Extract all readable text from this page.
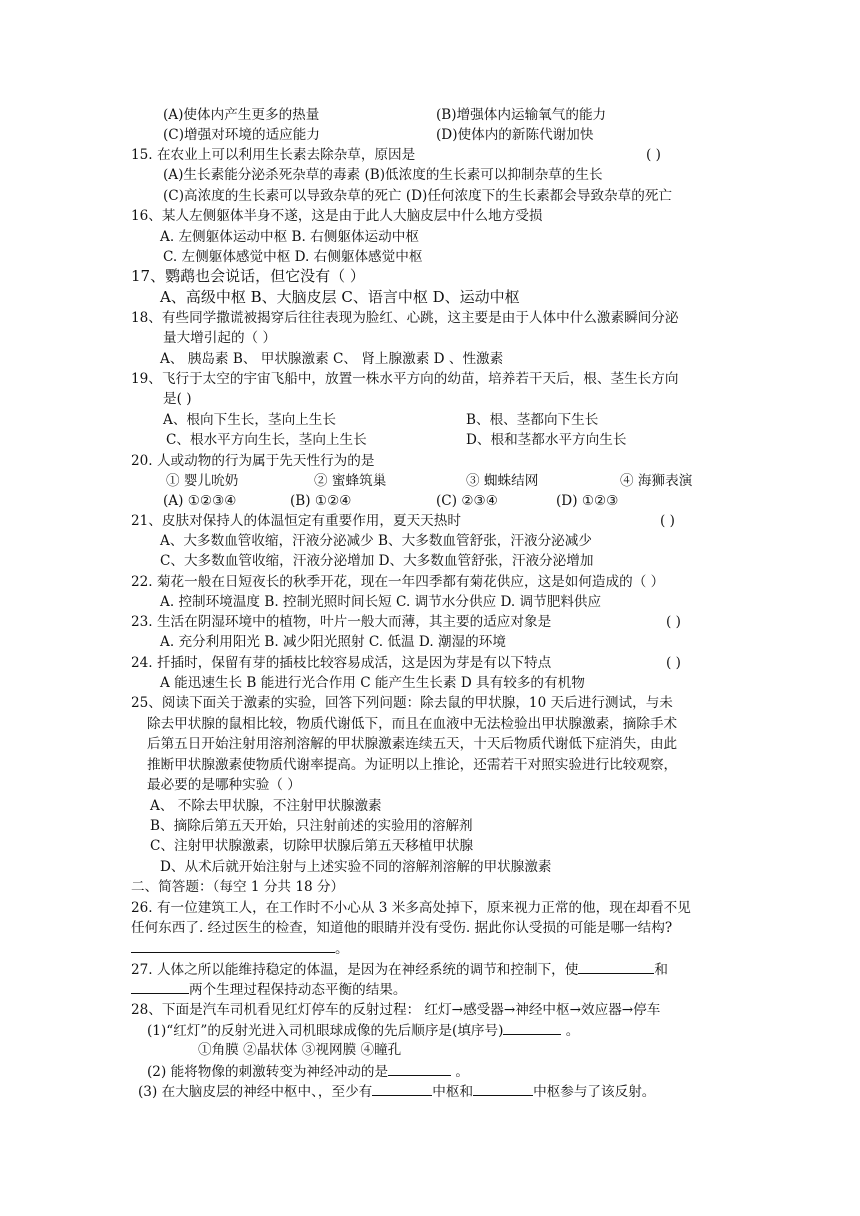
(A)使体内产生更多的热量	(B)增强体内运输氧气的能力
(C)增强对环境的适应能力	(D)使体内的新陈代谢加快
15. 在农业上可以利用生长素去除杂草，原因是	( )
(A)生长素能分泌杀死杂草的毒素 (B)低浓度的生长素可以抑制杂草的生长
(C)高浓度的生长素可以导致杂草的死亡 (D)任何浓度下的生长素都会导致杂草的死亡
16、某人左侧躯体半身不遂，这是由于此人大脑皮层中什么地方受损
A. 左侧躯体运动中枢 B. 右侧躯体运动中枢
C. 左侧躯体感觉中枢 D. 右侧躯体感觉中枢
17、鹦鹉也会说话，但它没有（ ）
A、高级中枢 B、大脑皮层 C、语言中枢 D、运动中枢
18、有些同学撒谎被揭穿后往往表现为脸红、心跳，这主要是由于人体中什么激素瞬间分泌
量大增引起的（ ）
A、 胰岛素 B、 甲状腺激素 C、 肾上腺激素 D 、性激素
19、飞行于太空的宇宙飞船中，放置一株水平方向的幼苗，培养若干天后，根、茎生长方向
是( )
A、根向下生长，茎向上生长	B、根、茎都向下生长
C、根水平方向生长，茎向上生长	D、根和茎都水平方向生长
20. 人或动物的行为属于先天性行为的是
① 婴儿吮奶	② 蜜蜂筑巢	③ 蜘蛛结网	④ 海狮表演
(A) ①②③④	(B) ①②④	(C) ②③④	(D) ①②③
21、皮肤对保持人的体温恒定有重要作用，夏天天热时	( )
A、大多数血管收缩，汗液分泌减少 B、大多数血管舒张，汗液分泌减少
C、大多数血管收缩，汗液分泌增加 D、大多数血管舒张，汗液分泌增加
22. 菊花一般在日短夜长的秋季开花，现在一年四季都有菊花供应，这是如何造成的（ ）
A. 控制环境温度 B. 控制光照时间长短 C. 调节水分供应 D. 调节肥料供应
23. 生活在阴湿环境中的植物，叶片一般大而薄，其主要的适应对象是	( )
A. 充分利用阳光 B. 减少阳光照射 C. 低温 D. 潮湿的环境
24. 扦插时，保留有芽的插枝比较容易成活，这是因为芽是有以下特点	( )
A 能迅速生长 B 能进行光合作用 C 能产生生长素 D 具有较多的有机物
25、阅读下面关于激素的实验，回答下列问题：除去鼠的甲状腺，10 天后进行测试，与未
除去甲状腺的鼠相比较，物质代谢低下，而且在血液中无法检验出甲状腺激素，摘除手术
后第五日开始注射用溶剂溶解的甲状腺激素连续五天，十天后物质代谢低下症消失，由此
推断甲状腺激素使物质代谢率提高。为证明以上推论，还需若干对照实验进行比较观察，
最必要的是哪种实验（ ）
A、 不除去甲状腺，不注射甲状腺激素
B、摘除后第五天开始，只注射前述的实验用的溶解剂
C、注射甲状腺激素，切除甲状腺后第五天移植甲状腺
D、从术后就开始注射与上述实验不同的溶解剂溶解的甲状腺激素
二、简答题：（每空 1 分共 18 分）
26. 有一位建筑工人，在工作时不小心从 3 米多高处掉下，原来视力正常的他，现在却看不见
任何东西了. 经过医生的检查，知道他的眼睛并没有受伤. 据此你认受损的可能是哪一结构?
。
27. 人体之所以能维持稳定的体温，是因为在神经系统的调节和控制下，使	和
两个生理过程保持动态平衡的结果。
28、下面是汽车司机看见红灯停车的反射过程： 红灯→感受器→神经中枢→效应器→停车
(1)“红灯”的反射光进入司机眼球成像的先后顺序是(填序号)	。
①角膜 ②晶状体 ③视网膜 ④瞳孔
(2) 能将物像的刺激转变为神经冲动的是	。
(3) 在大脑皮层的神经中枢中、，至少有	中枢和	中枢参与了该反射。
